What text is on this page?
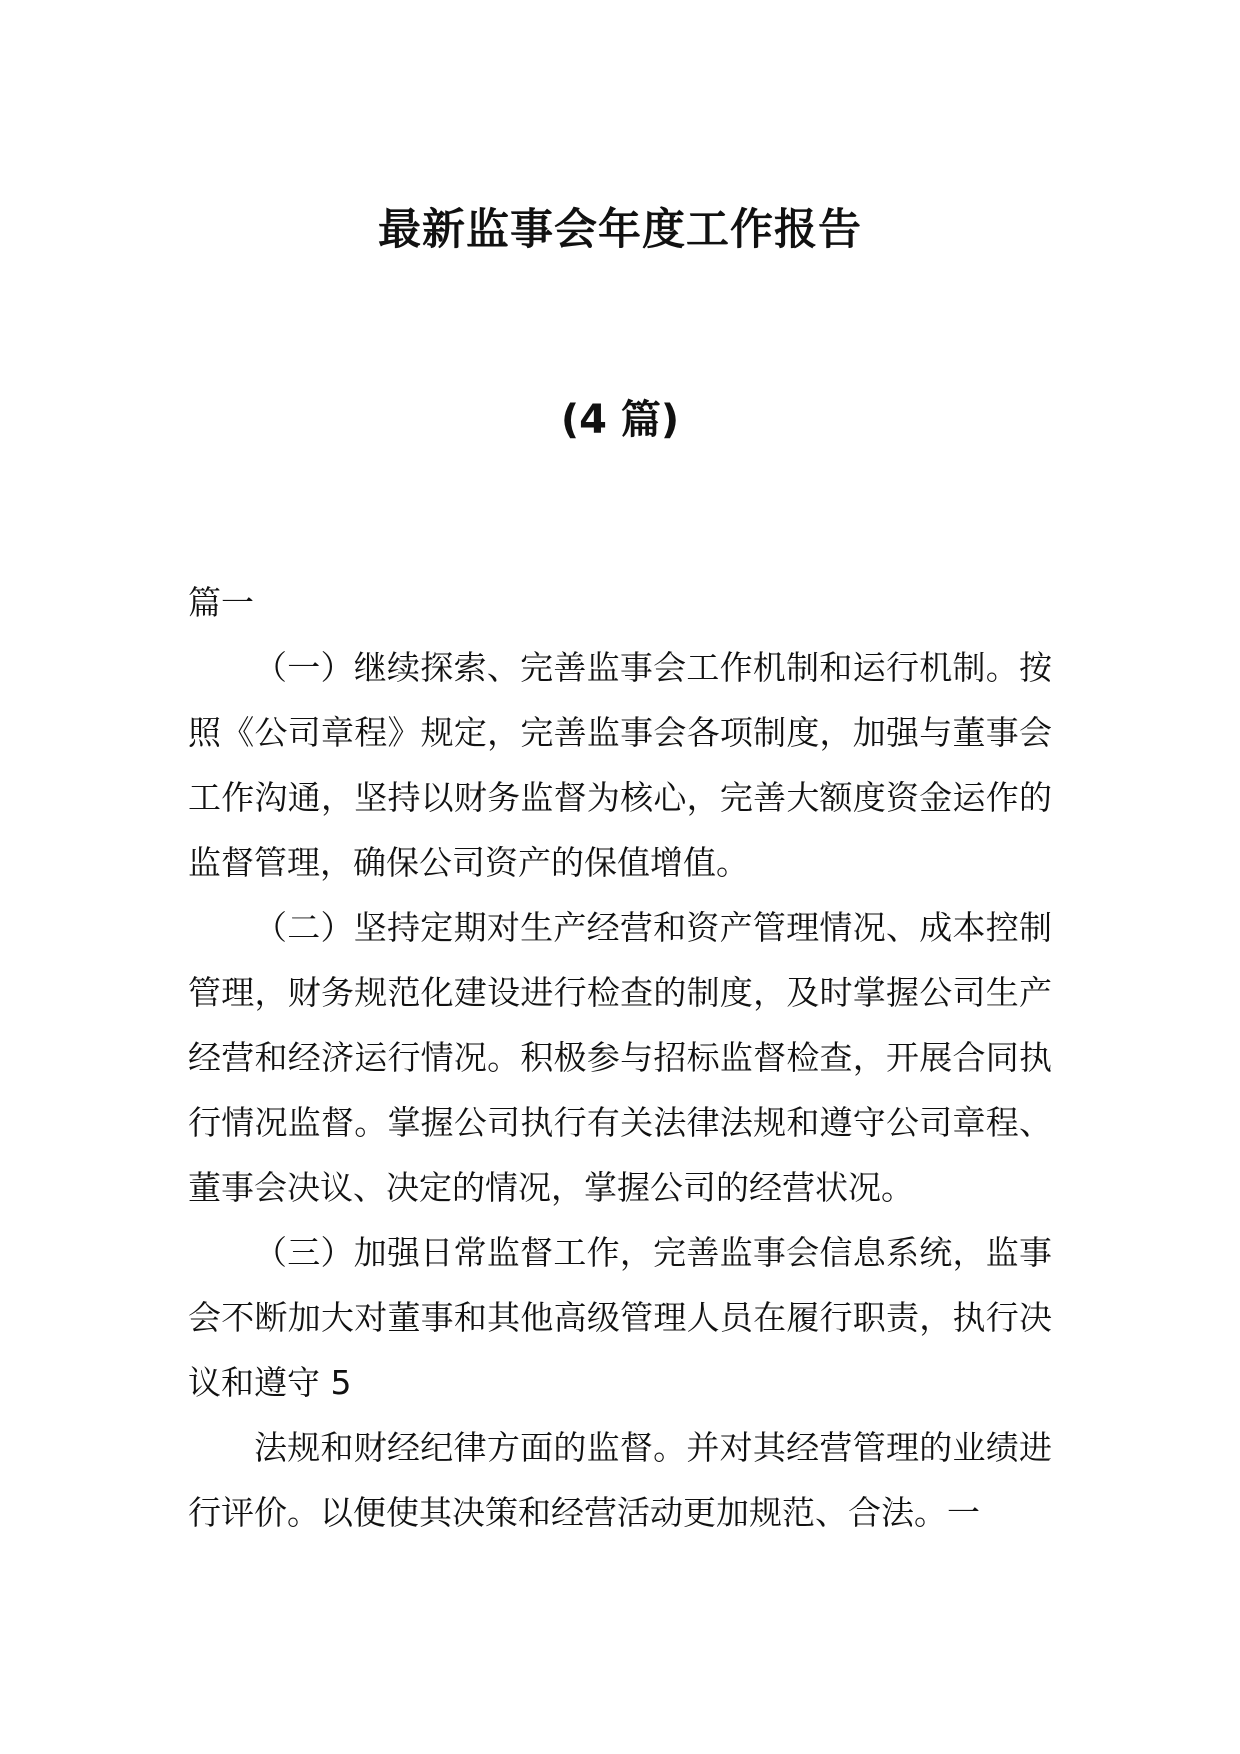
最新监事会年度工作报告
(4 篇)

篇一

（一）继续探索、完善监事会工作机制和运行机制。按照《公司章程》规定，完善监事会各项制度，加强与董事会工作沟通，坚持以财务监督为核心，完善大额度资金运作的监督管理，确保公司资产的保值增值。

（二）坚持定期对生产经营和资产管理情况、成本控制管理，财务规范化建设进行检查的制度，及时掌握公司生产经营和经济运行情况。积极参与招标监督检查，开展合同执行情况监督。掌握公司执行有关法律法规和遵守公司章程、董事会决议、决定的情况，掌握公司的经营状况。

（三）加强日常监督工作，完善监事会信息系统，监事会不断加大对董事和其他高级管理人员在履行职责，执行决议和遵守 5

法规和财经纪律方面的监督。并对其经营管理的业绩进行评价。以便使其决策和经营活动更加规范、合法。一
